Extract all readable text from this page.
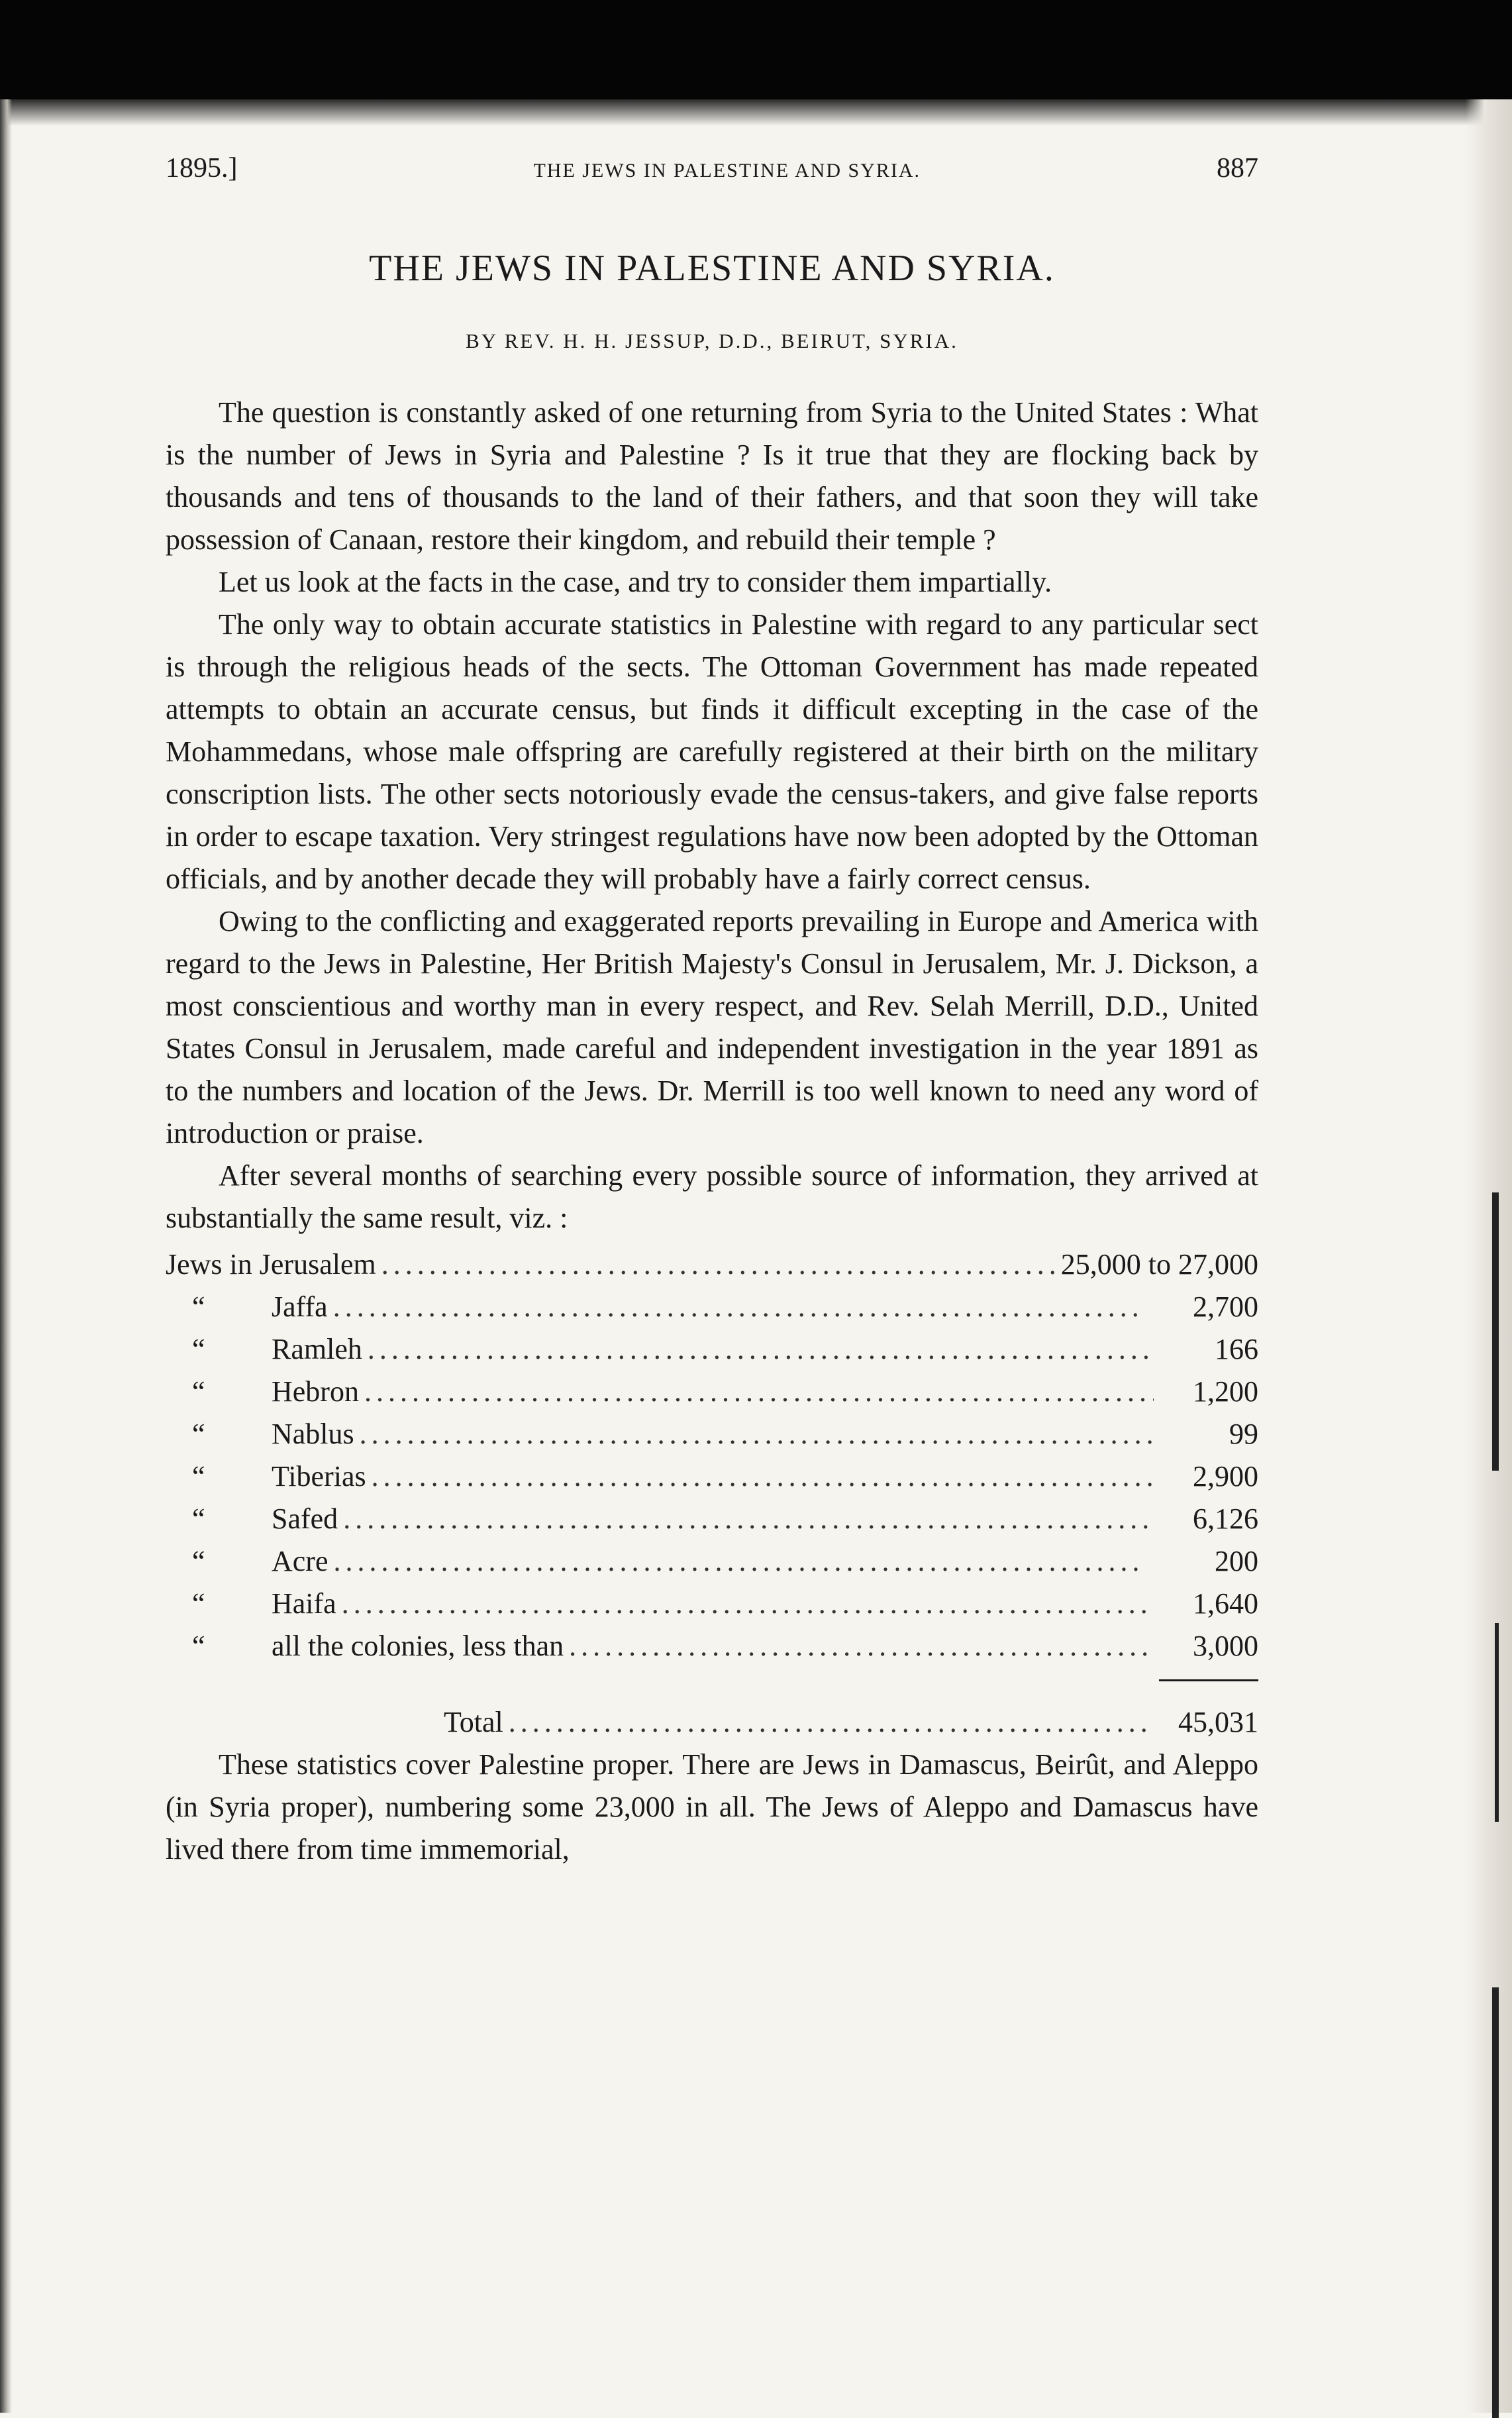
1895.]	THE JEWS IN PALESTINE AND SYRIA.	887
THE JEWS IN PALESTINE AND SYRIA.
BY REV. H. H. JESSUP, D.D., BEIRUT, SYRIA.

The question is constantly asked of one returning from Syria to the United States : What is the number of Jews in Syria and Palestine ? Is it true that they are flocking back by thousands and tens of thousands to the land of their fathers, and that soon they will take possession of Canaan, restore their kingdom, and rebuild their temple ?

Let us look at the facts in the case, and try to consider them impartially.

The only way to obtain accurate statistics in Palestine with regard to any particular sect is through the religious heads of the sects. The Ottoman Government has made repeated attempts to obtain an accurate census, but finds it difficult excepting in the case of the Mohammedans, whose male offspring are carefully registered at their birth on the military conscription lists. The other sects notoriously evade the census-takers, and give false reports in order to escape taxation. Very stringest regulations have now been adopted by the Ottoman officials, and by another decade they will probably have a fairly correct census.

Owing to the conflicting and exaggerated reports prevailing in Europe and America with regard to the Jews in Palestine, Her British Majesty's Consul in Jerusalem, Mr. J. Dickson, a most conscientious and worthy man in every respect, and Rev. Selah Merrill, D.D., United States Consul in Jerusalem, made careful and independent investigation in the year 1891 as to the numbers and location of the Jews. Dr. Merrill is too well known to need any word of introduction or praise.

After several months of searching every possible source of information, they arrived at substantially the same result, viz. :

Jews in Jerusalem . . .	25,000 to 27,000
“	Jaffa . . .	2,700
“	Ramleh . . .	166
“	Hebron . . .	1,200
“	Nablus . . .	99
“	Tiberias . . .	2,900
“	Safed . . .	6,126
“	Acre . . .	200
“	Haifa . . .	1,640
“	all the colonies, less than . . .	3,000
Total . . .	45,031

These statistics cover Palestine proper. There are Jews in Damascus, Beirût, and Aleppo (in Syria proper), numbering some 23,000 in all. The Jews of Aleppo and Damascus have lived there from time immemorial,
